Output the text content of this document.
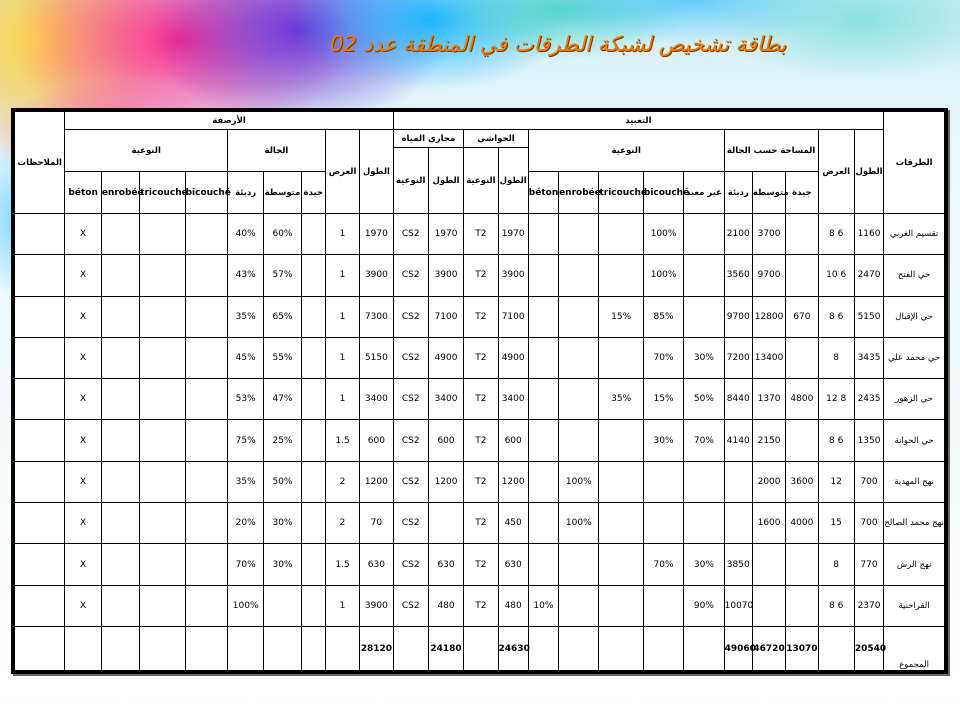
بطاقة تشخيص لشبكة الطرقات في المنطقة عدد 02
الملاحظات	الأرصفة									التعبيد														الطرقات
	النوعية				الحالة			العرض	الطول	مجاري المياه		الحواشي		النوعية					المساحة حسب الحالة			العرض	الطول	
										النوعية	الطول	النوعية	الطول											
	béton	enrobée	tricouche	bicouché	رديئة	متوسطة	جيدة							béton	enrobée	tricouche	bicouché	غير معبد	رديئة	متوسطة	جيدة			
	X				40%	60%		1	1970	CS2	1970	T2	1970				100%		2100	3700		8 6	1160	تقسيم الغربي
	X				43%	57%		1	3900	CS2	3900	T2	3900				100%		3560	9700		10 6	2470	حي الفتح
	X				35%	65%		1	7300	CS2	7100	T2	7100			15%	85%		9700	12800	670	8 6	5150	حي الإقبال
	X				45%	55%		1	5150	CS2	4900	T2	4900				70%	30%	7200	13400		8	3435	حي محمد علي
	X				53%	47%		1	3400	CS2	3400	T2	3400			35%	15%	50%	8440	1370	4800	12 8	2435	حي الزهور
	X				75%	25%		1.5	600	CS2	600	T2	600				30%	70%	4140	2150		8 6	1350	حي الحوانة
	X				35%	50%		2	1200	CS2	1200	T2	1200		100%					2000	3600	12	700	نهج المهدية
	X				20%	30%		2	70	CS2		T2	450		100%					1600	4000	15	700	نهج محمد الصالح
	X				70%	30%		1.5	630	CS2	630	T2	630				70%	30%	3850			8	770	نهج الرش
	X				100%			1	3900	CS2	480	T2	480	10%				90%	10070			8 6	2370	القراحنية
									28120		24180		24630						49060	46720	13070		20540	المجموع
